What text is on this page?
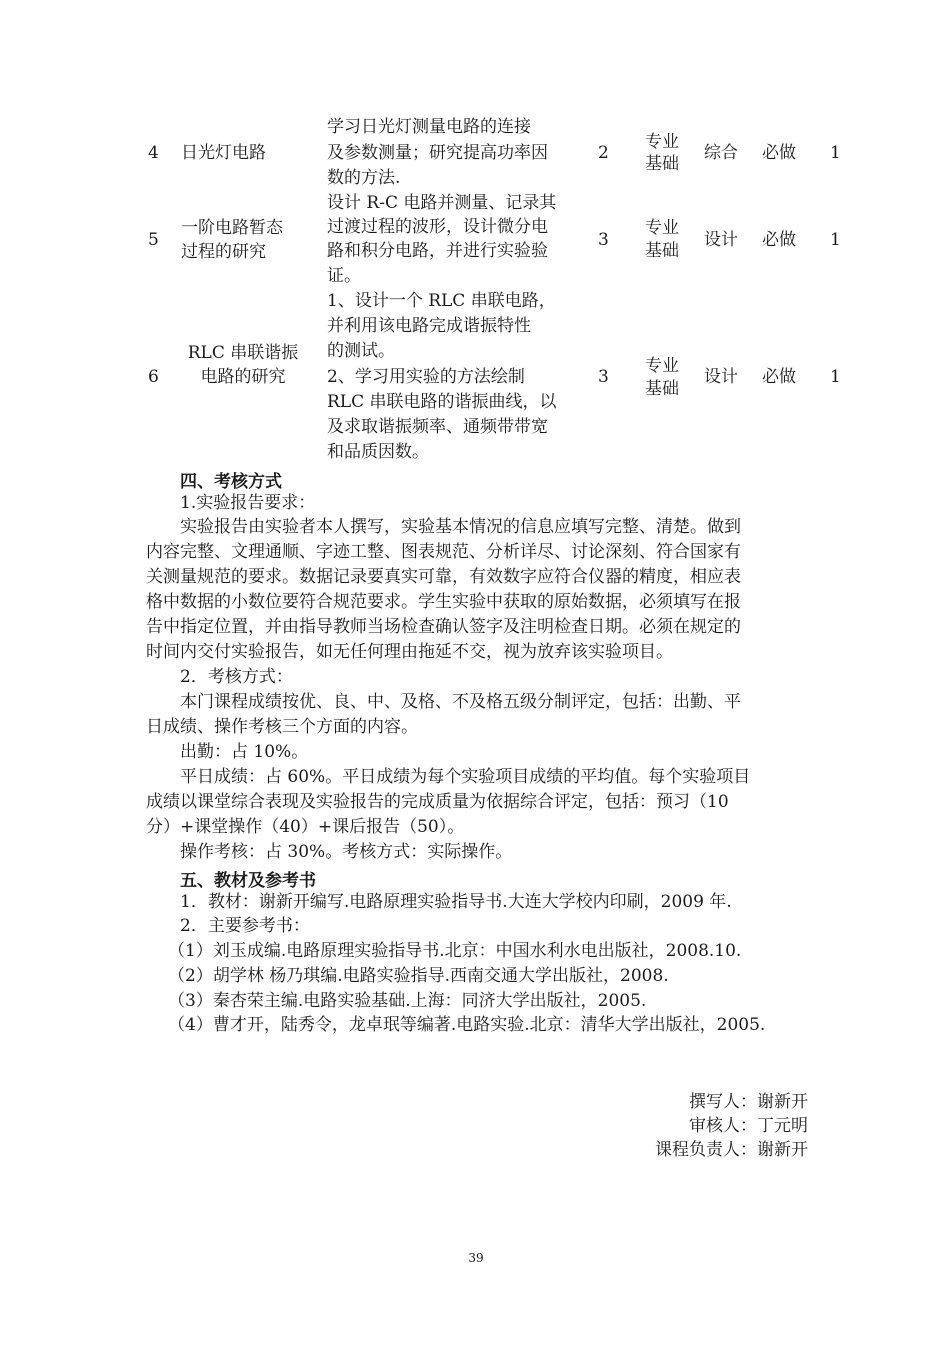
4 日光灯电路
学习日光灯测量电路的连接
及参数测量；研究提高功率因
数的方法.
2
专业
基础
综合 必做 1
5
一阶电路暂态
过程的研究
设计 R-C 电路并测量、记录其
过渡过程的波形，设计微分电
路和积分电路，并进行实验验
证。
3
专业
基础
设计 必做 1
6
RLC 串联谐振
电路的研究
1、设计一个 RLC 串联电路，
并利用该电路完成谐振特性
的测试。
2、学习用实验的方法绘制
RLC 串联电路的谐振曲线，以
及求取谐振频率、通频带带宽
和品质因数。
3
专业
基础
设计 必做 1
四、考核方式
1.实验报告要求：
实验报告由实验者本人撰写，实验基本情况的信息应填写完整、清楚。做到
内容完整、文理通顺、字迹工整、图表规范、分析详尽、讨论深刻、符合国家有
关测量规范的要求。数据记录要真实可靠，有效数字应符合仪器的精度，相应表
格中数据的小数位要符合规范要求。学生实验中获取的原始数据，必须填写在报
告中指定位置，并由指导教师当场检查确认签字及注明检查日期。必须在规定的
时间内交付实验报告，如无任何理由拖延不交，视为放弃该实验项目。
2．考核方式：
本门课程成绩按优、良、中、及格、不及格五级分制评定，包括：出勤、平
日成绩、操作考核三个方面的内容。
出勤：占 10%。
平日成绩：占 60%。平日成绩为每个实验项目成绩的平均值。每个实验项目
成绩以课堂综合表现及实验报告的完成质量为依据综合评定，包括：预习（10
分）+课堂操作（40）+课后报告（50）。
操作考核：占 30%。考核方式：实际操作。
五、教材及参考书
1．教材：谢新开编写.电路原理实验指导书.大连大学校内印刷，2009 年.
2．主要参考书：
（1）刘玉成编.电路原理实验指导书.北京：中国水利水电出版社，2008.10.
（2）胡学林 杨乃琪编.电路实验指导.西南交通大学出版社，2008.
（3）秦杏荣主编.电路实验基础.上海：同济大学出版社，2005.
（4）曹才开，陆秀令，龙卓珉等编著.电路实验.北京：清华大学出版社，2005.
撰写人：谢新开
审核人：丁元明
课程负责人：谢新开
39
